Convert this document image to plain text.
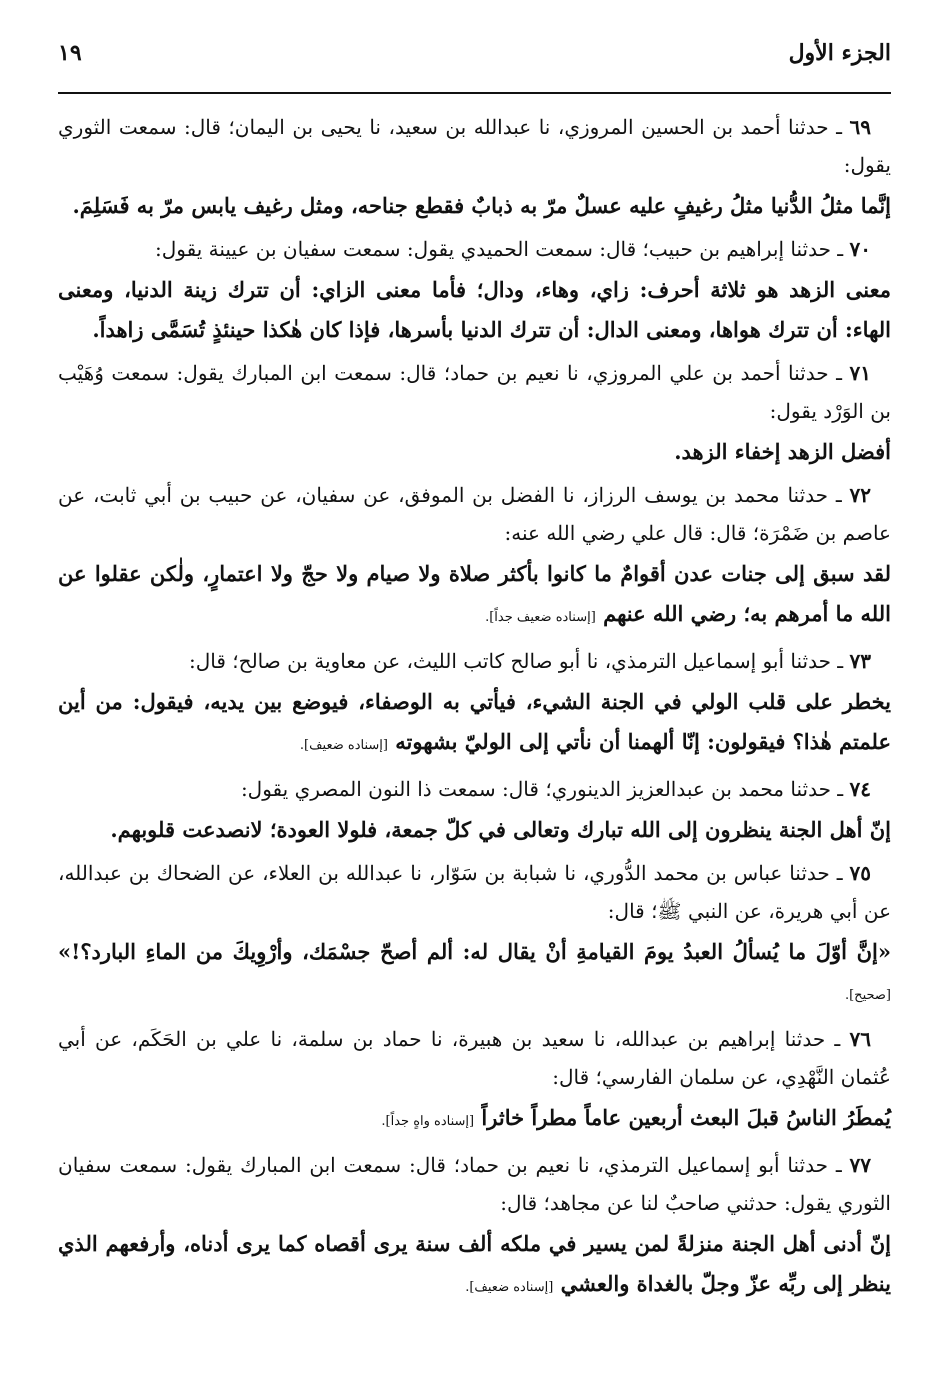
الجزء الأول
١٩

٦٩ ـ حدثنا أحمد بن الحسين المروزي، نا عبدالله بن سعيد، نا يحيى بن اليمان؛ قال: سمعت الثوري يقول:

إنَّما مثلُ الدُّنيا مثلُ رغيفٍ عليه عسلٌ مرّ به ذبابٌ فقطع جناحه، ومثل رغيف يابس مرّ به فَسَلِمَ.

٧٠ ـ حدثنا إبراهيم بن حبيب؛ قال: سمعت الحميدي يقول: سمعت سفيان بن عيينة يقول:

معنى الزهد هو ثلاثة أحرف: زاي، وهاء، ودال؛ فأما معنى الزاي: أن تترك زينة الدنيا، ومعنى الهاء: أن تترك هواها، ومعنى الدال: أن تترك الدنيا بأسرها، فإذا كان هٰكذا حينئذٍ تُسَمَّى زاهداً.

٧١ ـ حدثنا أحمد بن علي المروزي، نا نعيم بن حماد؛ قال: سمعت ابن المبارك يقول: سمعت وُهَيْب بن الوَرْد يقول:

أفضل الزهد إخفاء الزهد.

٧٢ ـ حدثنا محمد بن يوسف الرزاز، نا الفضل بن الموفق، عن سفيان، عن حبيب بن أبي ثابت، عن عاصم بن ضَمْرَة؛ قال: قال علي رضي الله عنه:

لقد سبق إلى جنات عدن أقوامٌ ما كانوا بأكثر صلاة ولا صيام ولا حجّ ولا اعتمارٍ، ولٰكن عقلوا عن الله ما أمرهم به؛ رضي الله عنهم [إسناده ضعيف جداً].

٧٣ ـ حدثنا أبو إسماعيل الترمذي، نا أبو صالح كاتب الليث، عن معاوية بن صالح؛ قال:

يخطر على قلب الولي في الجنة الشيء، فيأتي به الوصفاء، فيوضع بين يديه، فيقول: من أين علمتم هٰذا؟ فيقولون: إنّا ألهمنا أن نأتي إلى الوليّ بشهوته [إسناده ضعيف].

٧٤ ـ حدثنا محمد بن عبدالعزيز الدينوري؛ قال: سمعت ذا النون المصري يقول:

إنّ أهل الجنة ينظرون إلى الله تبارك وتعالى في كلّ جمعة، فلولا العودة؛ لانصدعت قلوبهم.

٧٥ ـ حدثنا عباس بن محمد الدُّوري، نا شبابة بن سَوّار، نا عبدالله بن العلاء، عن الضحاك بن عبدالله، عن أبي هريرة، عن النبي ﷺ؛ قال:

«إنَّ أوّلَ ما يُسألُ العبدُ يومَ القيامةِ أنْ يقال له: ألم أصحّ جسْمَك، وأرْوِيكَ من الماءِ البارد؟!» [صحيح].

٧٦ ـ حدثنا إبراهيم بن عبدالله، نا سعيد بن هبيرة، نا حماد بن سلمة، نا علي بن الحَكَم، عن أبي عُثمان النَّهْدِي، عن سلمان الفارسي؛ قال:

يُمطَرُ الناسُ قبلَ البعث أربعين عاماً مطراً خاثراً [إسناده واهٍ جداً].

٧٧ ـ حدثنا أبو إسماعيل الترمذي، نا نعيم بن حماد؛ قال: سمعت ابن المبارك يقول: سمعت سفيان الثوري يقول: حدثني صاحبٌ لنا عن مجاهد؛ قال:

إنّ أدنى أهل الجنة منزلةً لمن يسير في ملكه ألف سنة يرى أقصاه كما يرى أدناه، وأرفعهم الذي ينظر إلى ربِّه عزّ وجلّ بالغداة والعشي [إسناده ضعيف].
